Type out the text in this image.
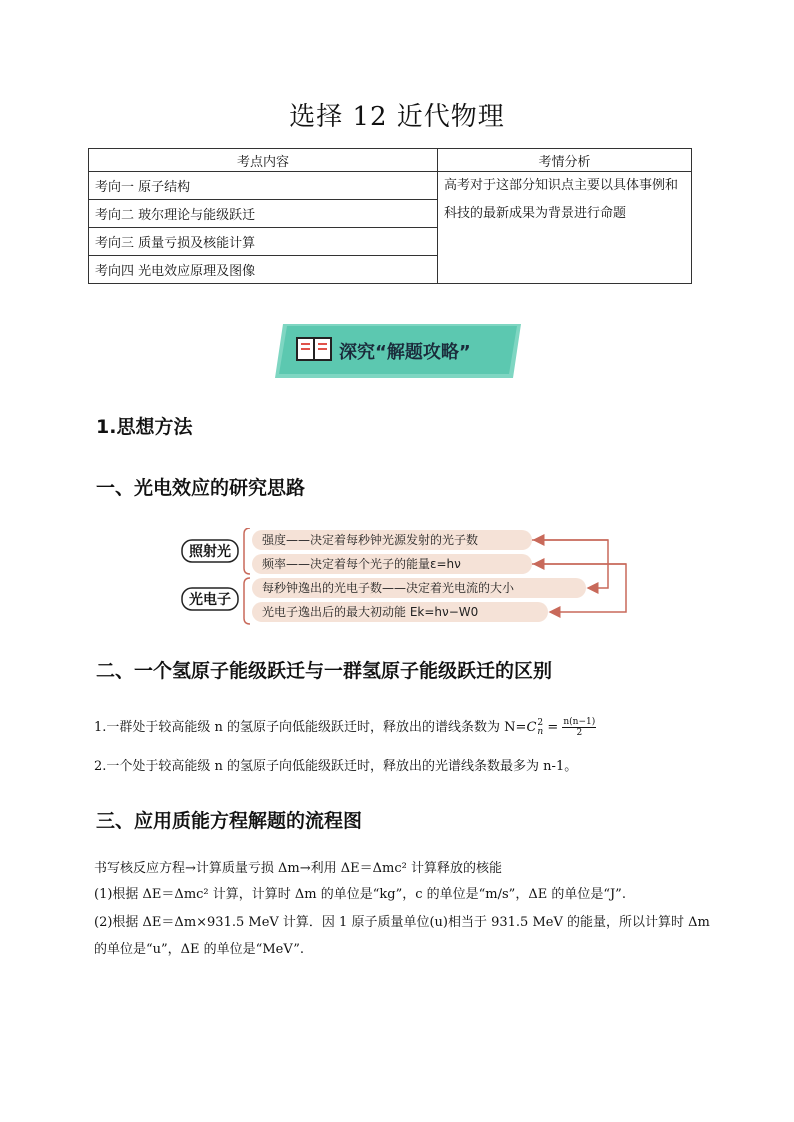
选择 12 近代物理
考点内容	考情分析
考向一 原子结构	高考对于这部分知识点主要以具体事例和科技的最新成果为背景进行命题
考向二 玻尔理论与能级跃迁	
考向三 质量亏损及核能计算	
考向四 光电效应原理及图像	
深究“解题攻略”
1.思想方法
一、光电效应的研究思路
照射光
光电子
强度——决定着每秒钟光源发射的光子数
频率——决定着每个光子的能量ε=hν
每秒钟逸出的光电子数——决定着光电流的大小
光电子逸出后的最大初动能 Ek=hν−W0
二、一个氢原子能级跃迁与一群氢原子能级跃迁的区别
1.一群处于较高能级 n 的氢原子向低能级跃迁时，释放出的谱线条数为 N=C 2
$n = \frac{n(n-1)}{2}$
2.一个处于较高能级 n 的氢原子向低能级跃迁时，释放出的光谱线条数最多为 n-1。
三、应用质能方程解题的流程图
书写核反应方程→计算质量亏损 Δm→利用 ΔE＝Δmc² 计算释放的核能
(1)根据 ΔE＝Δmc² 计算，计算时 Δm 的单位是“kg”，c 的单位是“m/s”，ΔE 的单位是“J”.
(2)根据 ΔE＝Δm×931.5 MeV 计算．因 1 原子质量单位(u)相当于 931.5 MeV 的能量，所以计算时 Δm
的单位是“u”，ΔE 的单位是“MeV”.
